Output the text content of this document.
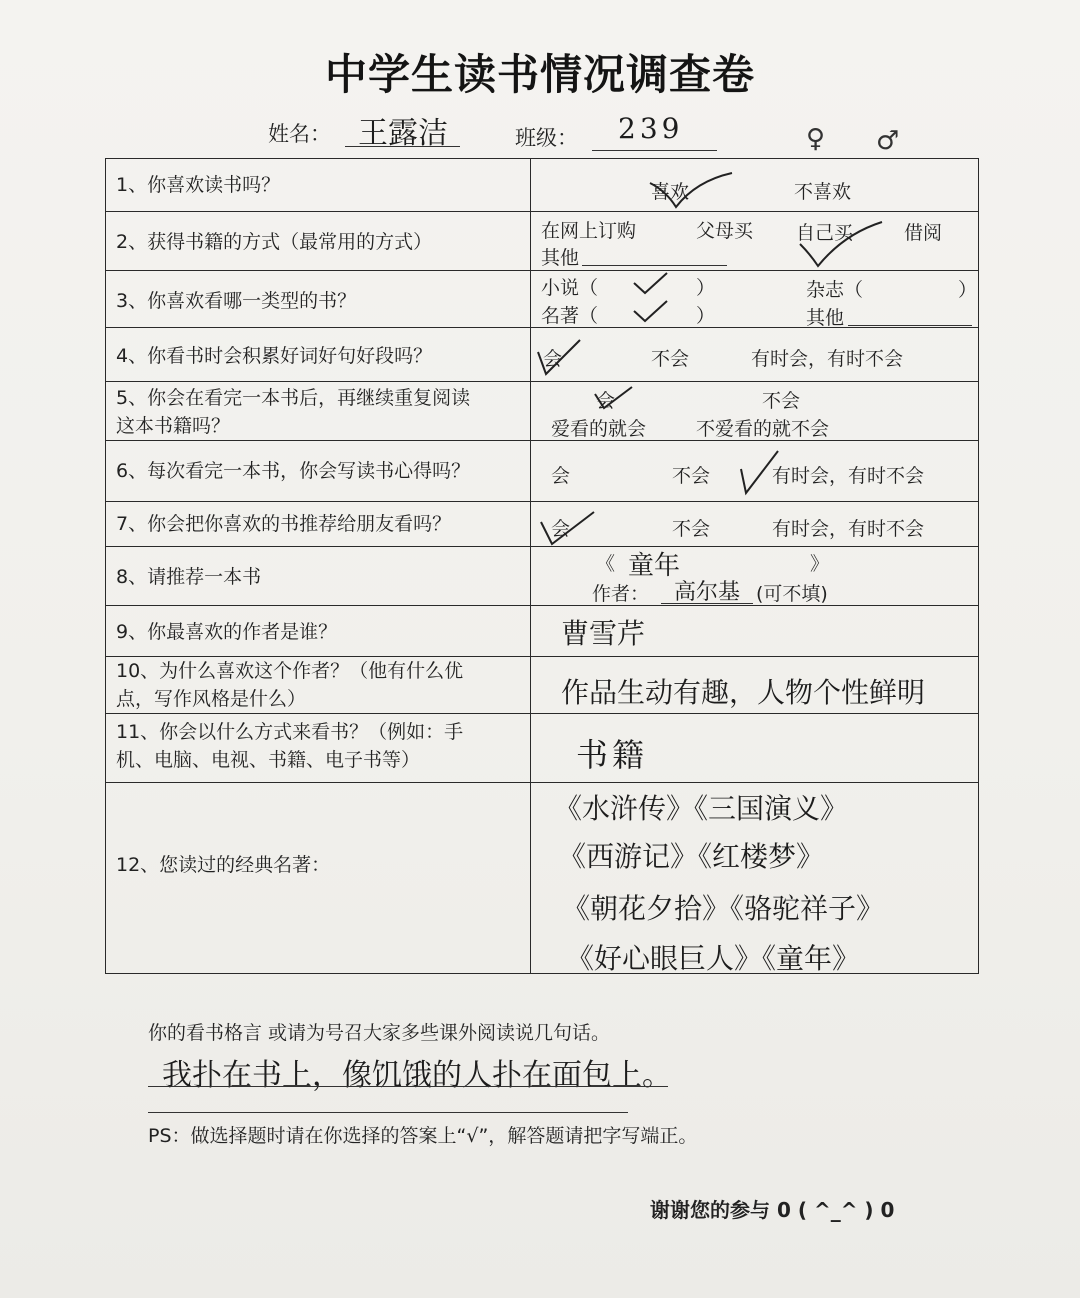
中学生读书情况调查卷
姓名： 王露洁	班级： 239	♀ ♂
1、你喜欢读书吗？	喜欢	不喜欢
2、获得书籍的方式（最常用的方式）	在网上订购	父母买 自己买	借阅
其他
3、你喜欢看哪一类型的书？
小说（	）	杂志（	）
名著（	）	其他
4、你看书时会积累好词好句好段吗？	会	不会	有时会，有时不会
5、你会在看完一本书后，再继续重复阅读
这本书籍吗？
会	不会
爱看的就会	不爱看的就不会
6、每次看完一本书，你会写读书心得吗？	会	不会	有时会，有时不会
7、你会把你喜欢的书推荐给朋友看吗？	会	不会	有时会，有时不会
8、请推荐一本书
《 童年	》
作者： 高尔基 (可不填)
9、你最喜欢的作者是谁？	曹雪芹
10、为什么喜欢这个作者？（他有什么优
点，写作风格是什么）	作品生动有趣，人物个性鲜明
11、你会以什么方式来看书？（例如：手
机、电脑、电视、书籍、电子书等）	书籍
12、您读过的经典名著：
《水浒传》《三国演义》
《西游记》《红楼梦》
《朝花夕拾》《骆驼祥子》
《好心眼巨人》《童年》
你的看书格言 或请为号召大家多些课外阅读说几句话。
我扑在书上，像饥饿的人扑在面包上。
PS：做选择题时请在你选择的答案上“√”，解答题请把字写端正。
谢谢您的参与 0 ( ^_^ ) 0
